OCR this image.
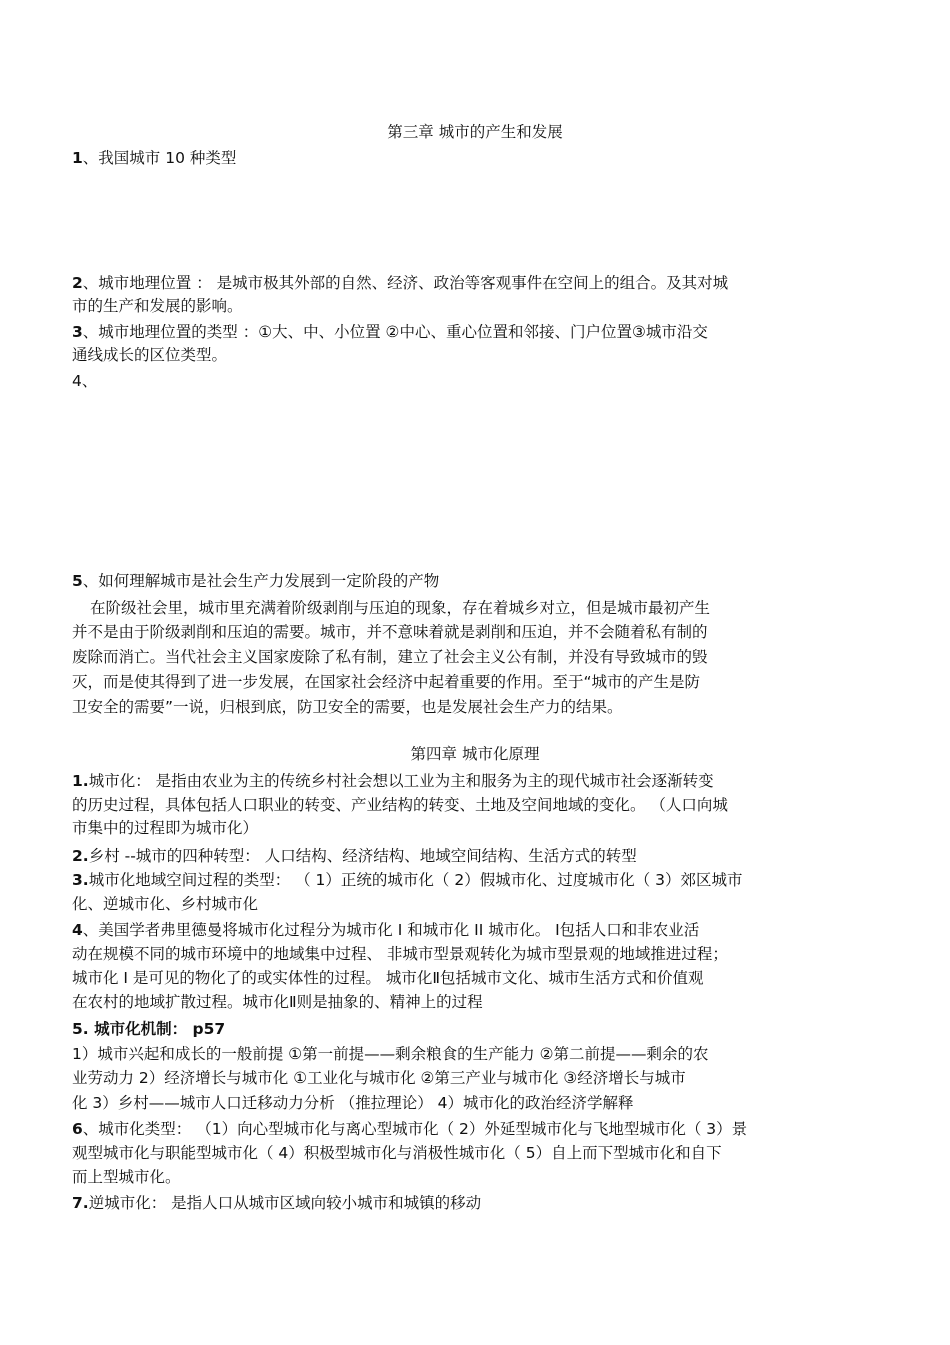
第三章 城市的产生和发展
1、我国城市 10 种类型
2、城市地理位置 ： 是城市极其外部的自然、经济、政治等客观事件在空间上的组合。及其对城
市的生产和发展的影响。
3、城市地理位置的类型 ：①大、中、小位置 ②中心、重心位置和邻接、门户位置③城市沿交
通线成长的区位类型。
4、
5、如何理解城市是社会生产力发展到一定阶段的产物
在阶级社会里，城市里充满着阶级剥削与压迫的现象，存在着城乡对立，但是城市最初产生
并不是由于阶级剥削和压迫的需要。城市，并不意味着就是剥削和压迫，并不会随着私有制的
废除而消亡。当代社会主义国家废除了私有制，建立了社会主义公有制，并没有导致城市的毁
灭，而是使其得到了进一步发展，在国家社会经济中起着重要的作用。至于“城市的产生是防
卫安全的需要”一说，归根到底，防卫安全的需要，也是发展社会生产力的结果。
第四章 城市化原理
1.城市化： 是指由农业为主的传统乡村社会想以工业为主和服务为主的现代城市社会逐渐转变
的历史过程，具体包括人口职业的转变、产业结构的转变、土地及空间地域的变化。 （人口向城
市集中的过程即为城市化）
2.乡村 --城市的四种转型： 人口结构、经济结构、地域空间结构、生活方式的转型
3.城市化地域空间过程的类型： （ 1）正统的城市化（ 2）假城市化、过度城市化（ 3）郊区城市
化、逆城市化、乡村城市化
4、美国学者弗里德曼将城市化过程分为城市化 I 和城市化 II 城市化。 Ⅰ包括人口和非农业活
动在规模不同的城市环境中的地域集中过程、 非城市型景观转化为城市型景观的地域推进过程；
城市化 I 是可见的物化了的或实体性的过程。 城市化Ⅱ包括城市文化、城市生活方式和价值观
在农村的地域扩散过程。城市化Ⅱ则是抽象的、精神上的过程
5. 城市化机制： p57
1）城市兴起和成长的一般前提 ①第一前提——剩余粮食的生产能力 ②第二前提——剩余的农
业劳动力 2）经济增长与城市化 ①工业化与城市化 ②第三产业与城市化 ③经济增长与城市
化 3）乡村——城市人口迁移动力分析 （推拉理论） 4）城市化的政治经济学解释
6、城市化类型： （1）向心型城市化与离心型城市化（ 2）外延型城市化与飞地型城市化（ 3）景
观型城市化与职能型城市化（ 4）积极型城市化与消极性城市化（ 5）自上而下型城市化和自下
而上型城市化。
7.逆城市化： 是指人口从城市区域向较小城市和城镇的移动
